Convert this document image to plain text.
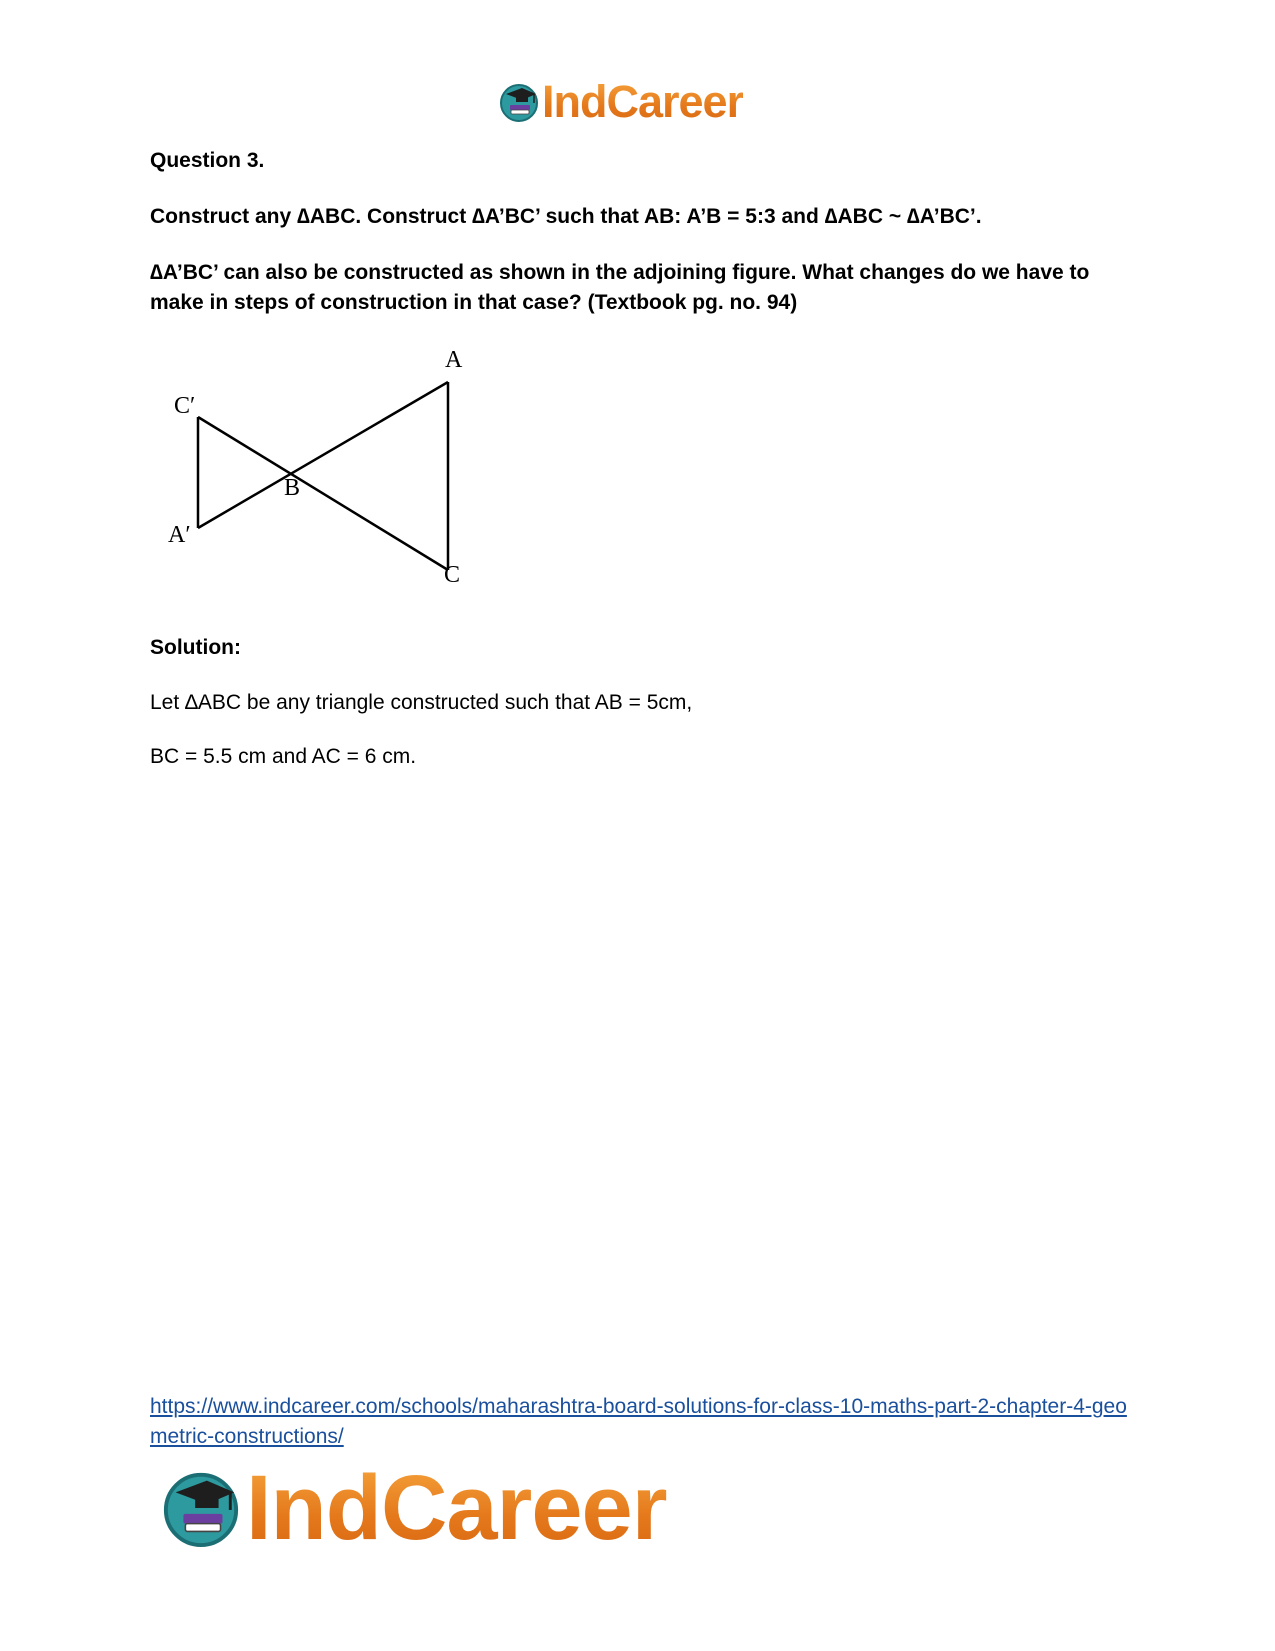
IndCareer

Question 3.

Construct any ∆ABC. Construct ∆A’BC’ such that AB: A’B = 5:3 and ∆ABC ~ ∆A’BC’.

∆A’BC’ can also be constructed as shown in the adjoining figure. What changes do we have to make in steps of construction in that case? (Textbook pg. no. 94)

A
C′
B
A′
C

Solution:

Let ∆ABC be any triangle constructed such that AB = 5cm,

BC = 5.5 cm and AC = 6 cm.

https://www.indcareer.com/schools/maharashtra-board-solutions-for-class-10-maths-part-2-chapter-4-geometric-constructions/
IndCareer
